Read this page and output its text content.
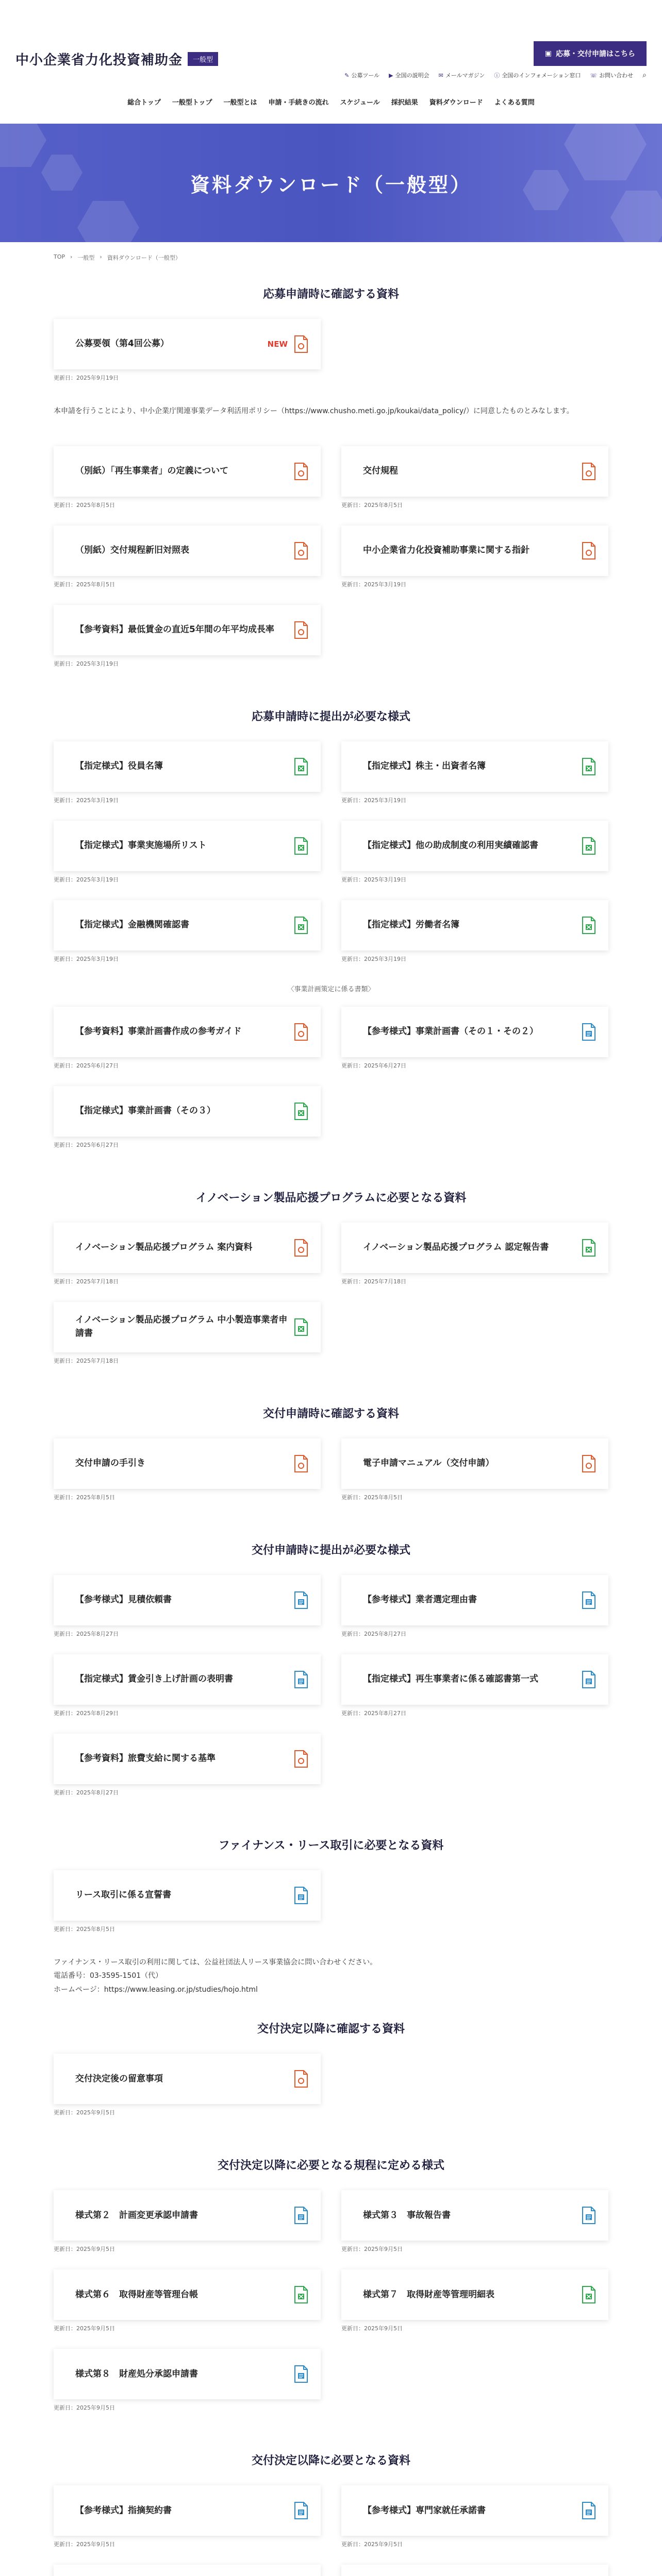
中小企業省力化投資補助金	一般型
▣ 応募・交付申請はこちら
✎ 公募ツール ▶ 全国の説明会 ✉ メールマガジン ⓘ 全国のインフォメーション窓口 ☏ お問い合わせ ⌕
総合トップ 一般型トップ 一般型とは 申請・手続きの流れ スケジュール 採択結果 資料ダウンロード よくある質問
資料ダウンロード（一般型）
TOP › 一般型 › 資料ダウンロード（一般型）
応募申請時に確認する資料
公募要領（第4回公募）	NEW
更新日：2025年9月19日

本申請を行うことにより、中小企業庁関連事業データ利活用ポリシー（https://www.chusho.meti.go.jp/koukai/data_policy/）に同意したものとみなします。

（別紙）「再生事業者」の定義について
更新日：2025年8月5日
交付規程
更新日：2025年8月5日
（別紙）交付規程新旧対照表
更新日：2025年8月5日
中小企業省力化投資補助事業に関する指針
更新日：2025年3月19日
【参考資料】最低賃金の直近5年間の年平均成長率
更新日：2025年3月19日
応募申請時に提出が必要な様式
【指定様式】役員名簿
更新日：2025年3月19日
【指定様式】株主・出資者名簿
更新日：2025年3月19日
【指定様式】事業実施場所リスト
更新日：2025年3月19日
【指定様式】他の助成制度の利用実績確認書
更新日：2025年3月19日
【指定様式】金融機関確認書
更新日：2025年3月19日
【指定様式】労働者名簿
更新日：2025年3月19日
〈事業計画策定に係る書類〉
【参考資料】事業計画書作成の参考ガイド
更新日：2025年6月27日
【参考様式】事業計画書（その１・その２）
更新日：2025年6月27日
【指定様式】事業計画書（その３）
更新日：2025年6月27日
イノベーション製品応援プログラムに必要となる資料
イノベーション製品応援プログラム 案内資料
更新日：2025年7月18日
イノベーション製品応援プログラム 認定報告書
更新日：2025年7月18日
イノベーション製品応援プログラム 中小製造事業者申請書
更新日：2025年7月18日
交付申請時に確認する資料
交付申請の手引き
更新日：2025年8月5日
電子申請マニュアル（交付申請）
更新日：2025年8月5日
交付申請時に提出が必要な様式
【参考様式】見積依頼書
更新日：2025年8月27日
【参考様式】業者選定理由書
更新日：2025年8月27日
【指定様式】賃金引き上げ計画の表明書
更新日：2025年8月29日
【指定様式】再生事業者に係る確認書第一式
更新日：2025年8月27日
【参考資料】旅費支給に関する基準
更新日：2025年8月27日
ファイナンス・リース取引に必要となる資料
リース取引に係る宣誓書
更新日：2025年8月5日

ファイナンス・リース取引の利用に関しては、公益社団法人リース事業協会に問い合わせください。
電話番号：03-3595-1501（代）
ホームページ：https://www.leasing.or.jp/studies/hojo.html

交付決定以降に確認する資料
交付決定後の留意事項
更新日：2025年9月5日
交付決定以降に必要となる規程に定める様式
様式第２　計画変更承認申請書
更新日：2025年9月5日
様式第３　事故報告書
更新日：2025年9月5日
様式第６　取得財産等管理台帳
更新日：2025年9月5日
様式第７　取得財産等管理明細表
更新日：2025年9月5日
様式第８　財産処分承認申請書
更新日：2025年9月5日
交付決定以降に必要となる資料
【参考様式】指摘契約書
更新日：2025年9月5日
【参考様式】専門家就任承諾書
更新日：2025年9月5日
